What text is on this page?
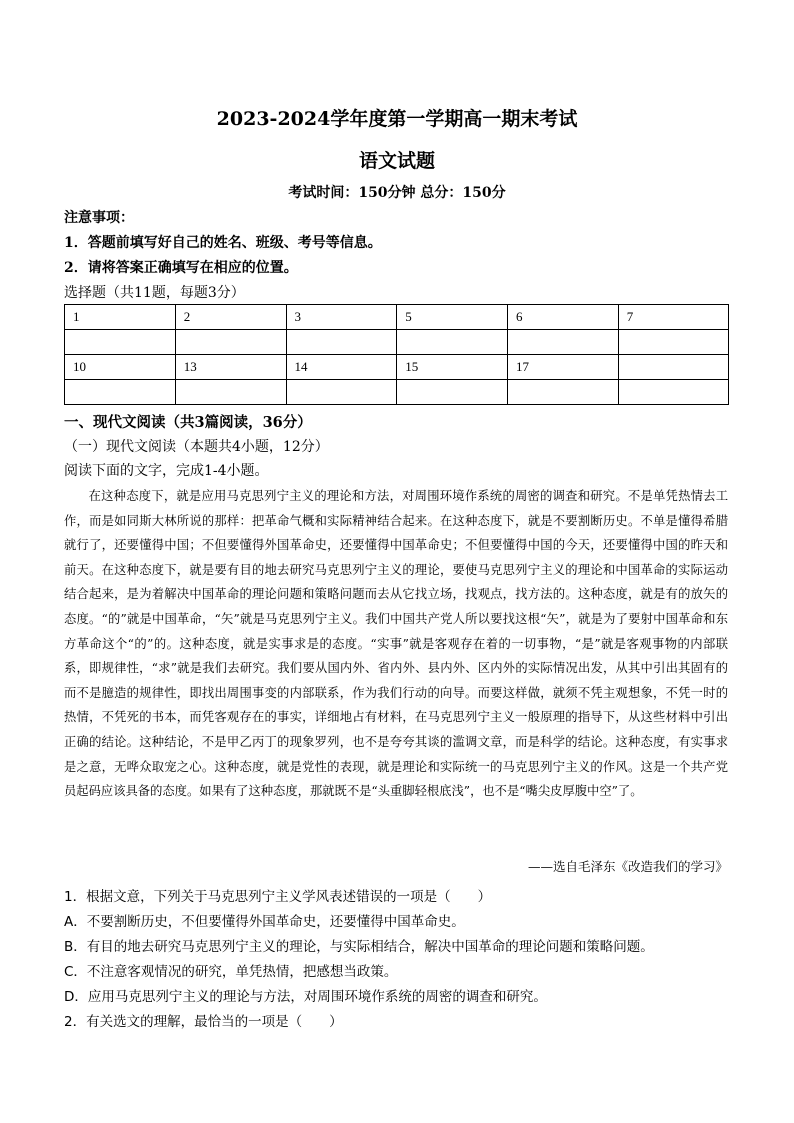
2023-2024学年度第一学期高一期末考试
语文试题
考试时间：150分钟 总分：150分
注意事项：
1．答题前填写好自己的姓名、班级、考号等信息。
2．请将答案正确填写在相应的位置。
选择题（共11题，每题3分）
1	2	3	5	6	7

10	13	14	15	17	

一、现代文阅读（共3篇阅读，36分）
（一）现代文阅读（本题共4小题，12分）
阅读下面的文字，完成1-4小题。

在这种态度下，就是应用马克思列宁主义的理论和方法，对周围环境作系统的周密的调查和研究。不是单凭热情去工作，而是如同斯大林所说的那样：把革命气概和实际精神结合起来。在这种态度下，就是不要割断历史。不单是懂得希腊就行了，还要懂得中国；不但要懂得外国革命史，还要懂得中国革命史；不但要懂得中国的今天，还要懂得中国的昨天和前天。在这种态度下，就是要有目的地去研究马克思列宁主义的理论，要使马克思列宁主义的理论和中国革命的实际运动结合起来，是为着解决中国革命的理论问题和策略问题而去从它找立场，找观点，找方法的。这种态度，就是有的放矢的态度。“的”就是中国革命，“矢”就是马克思列宁主义。我们中国共产党人所以要找这根“矢”，就是为了要射中国革命和东方革命这个“的”的。这种态度，就是实事求是的态度。“实事”就是客观存在着的一切事物，“是”就是客观事物的内部联系，即规律性，“求”就是我们去研究。我们要从国内外、省内外、县内外、区内外的实际情况出发，从其中引出其固有的而不是臆造的规律性，即找出周围事变的内部联系，作为我们行动的向导。而要这样做，就须不凭主观想象，不凭一时的热情，不凭死的书本，而凭客观存在的事实，详细地占有材料，在马克思列宁主义一般原理的指导下，从这些材料中引出正确的结论。这种结论，不是甲乙丙丁的现象罗列，也不是夸夸其谈的滥调文章，而是科学的结论。这种态度，有实事求是之意，无哗众取宠之心。这种态度，就是党性的表现，就是理论和实际统一的马克思列宁主义的作风。这是一个共产党员起码应该具备的态度。如果有了这种态度，那就既不是“头重脚轻根底浅”，也不是“嘴尖皮厚腹中空”了。

——选自毛泽东《改造我们的学习》
1．根据文意，下列关于马克思列宁主义学风表述错误的一项是（　　）
A．不要割断历史，不但要懂得外国革命史，还要懂得中国革命史。
B．有目的地去研究马克思列宁主义的理论，与实际相结合，解决中国革命的理论问题和策略问题。
C．不注意客观情况的研究，单凭热情，把感想当政策。
D．应用马克思列宁主义的理论与方法，对周围环境作系统的周密的调查和研究。
2．有关选文的理解，最恰当的一项是（　　）
